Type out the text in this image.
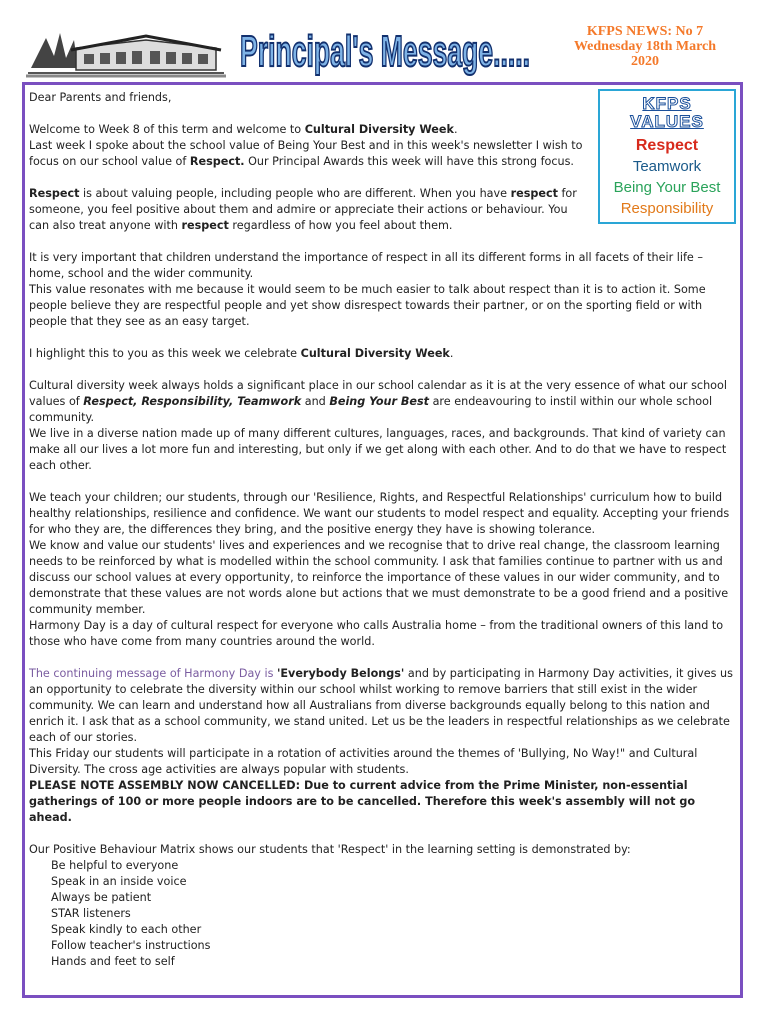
Principal's Message.....	KFPS NEWS: No 7
Wednesday 18th March
2020
KFPS
VALUES
Respect
Teamwork
Being Your Best
Responsibility

Dear Parents and friends,

Welcome to Week 8 of this term and welcome to Cultural Diversity Week.

Last week I spoke about the school value of Being Your Best and in this week's newsletter I wish to focus on our school value of Respect. Our Principal Awards this week will have this strong focus.

Respect is about valuing people, including people who are different. When you have respect for someone, you feel positive about them and admire or appreciate their actions or behaviour. You can also treat anyone with respect regardless of how you feel about them.

It is very important that children understand the importance of respect in all its different forms in all facets of their life – home, school and the wider community.

This value resonates with me because it would seem to be much easier to talk about respect than it is to action it. Some people believe they are respectful people and yet show disrespect towards their partner, or on the sporting field or with people that they see as an easy target.

I highlight this to you as this week we celebrate Cultural Diversity Week.

Cultural diversity week always holds a significant place in our school calendar as it is at the very essence of what our school values of Respect, Responsibility, Teamwork and Being Your Best are endeavouring to instil within our whole school community.

We live in a diverse nation made up of many different cultures, languages, races, and backgrounds. That kind of variety can make all our lives a lot more fun and interesting, but only if we get along with each other. And to do that we have to respect each other.

We teach your children; our students, through our 'Resilience, Rights, and Respectful Relationships' curriculum how to build healthy relationships, resilience and confidence. We want our students to model respect and equality. Accepting your friends for who they are, the differences they bring, and the positive energy they have is showing tolerance.

We know and value our students' lives and experiences and we recognise that to drive real change, the classroom learning needs to be reinforced by what is modelled within the school community. I ask that families continue to partner with us and discuss our school values at every opportunity, to reinforce the importance of these values in our wider community, and to demonstrate that these values are not words alone but actions that we must demonstrate to be a good friend and a positive community member.

Harmony Day is a day of cultural respect for everyone who calls Australia home – from the traditional owners of this land to those who have come from many countries around the world.

The continuing message of Harmony Day is 'Everybody Belongs' and by participating in Harmony Day activities, it gives us an opportunity to celebrate the diversity within our school whilst working to remove barriers that still exist in the wider community. We can learn and understand how all Australians from diverse backgrounds equally belong to this nation and enrich it. I ask that as a school community, we stand united. Let us be the leaders in respectful relationships as we celebrate each of our stories.

This Friday our students will participate in a rotation of activities around the themes of 'Bullying, No Way!" and Cultural Diversity. The cross age activities are always popular with students.

PLEASE NOTE ASSEMBLY NOW CANCELLED: Due to current advice from the Prime Minister, non-essential gatherings of 100 or more people indoors are to be cancelled. Therefore this week's assembly will not go ahead.

Our Positive Behaviour Matrix shows our students that 'Respect' in the learning setting is demonstrated by:

Be helpful to everyone

Speak in an inside voice

Always be patient

STAR listeners

Speak kindly to each other

Follow teacher's instructions

Hands and feet to self
